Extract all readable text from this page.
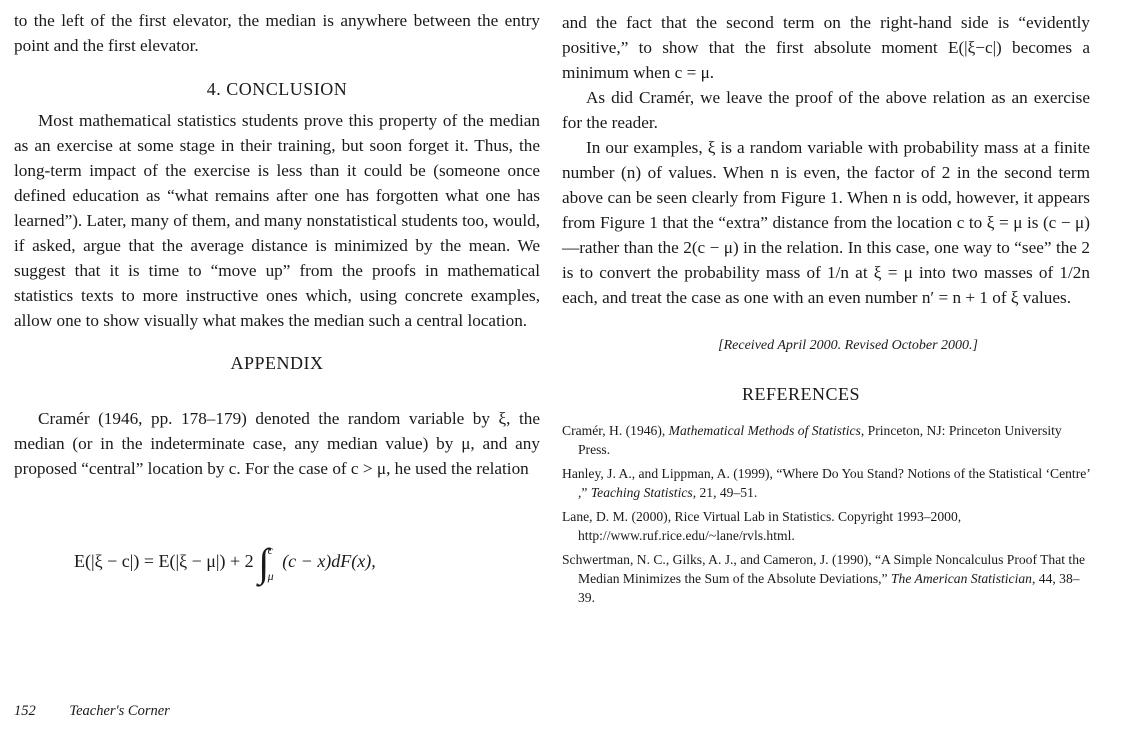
to the left of the first elevator, the median is anywhere between the entry point and the first elevator.

4. CONCLUSION

Most mathematical statistics students prove this property of the median as an exercise at some stage in their training, but soon forget it. Thus, the long-term impact of the exercise is less than it could be (someone once defined education as “what remains after one has forgotten what one has learned”). Later, many of them, and many nonstatistical students too, would, if asked, argue that the average distance is minimized by the mean. We suggest that it is time to “move up” from the proofs in mathematical statistics texts to more instructive ones which, using concrete examples, allow one to show visually what makes the median such a central location.

APPENDIX

Cramér (1946, pp. 178–179) denoted the random variable by ξ, the median (or in the indeterminate case, any median value) by μ, and any proposed “central” location by c. For the case of c > μ, he used the relation

E(|ξ − c|) = E(|ξ − μ|) + 2 ∫
c
μ
(c − x)dF(x),

and the fact that the second term on the right-hand side is “evidently positive,” to show that the first absolute moment E(|ξ−c|) becomes a minimum when c = μ.

As did Cramér, we leave the proof of the above relation as an exercise for the reader.

In our examples, ξ is a random variable with probability mass at a finite number (n) of values. When n is even, the factor of 2 in the second term above can be seen clearly from Figure 1. When n is odd, however, it appears from Figure 1 that the “extra” distance from the location c to ξ = μ is (c − μ)—rather than the 2(c − μ) in the relation. In this case, one way to “see” the 2 is to convert the probability mass of 1/n at ξ = μ into two masses of 1/2n each, and treat the case as one with an even number n′ = n + 1 of ξ values.

[Received April 2000. Revised October 2000.]

REFERENCES

Cramér, H. (1946), Mathematical Methods of Statistics, Princeton, NJ: Princeton University Press.

Hanley, J. A., and Lippman, A. (1999), “Where Do You Stand? Notions of the Statistical ‘Centre’ ,” Teaching Statistics, 21, 49–51.

Lane, D. M. (2000), Rice Virtual Lab in Statistics. Copyright 1993–2000, http://www.ruf.rice.edu/~lane/rvls.html.

Schwertman, N. C., Gilks, A. J., and Cameron, J. (1990), “A Simple Noncalculus Proof That the Median Minimizes the Sum of the Absolute Deviations,” The American Statistician, 44, 38–39.

152 Teacher's Corner
